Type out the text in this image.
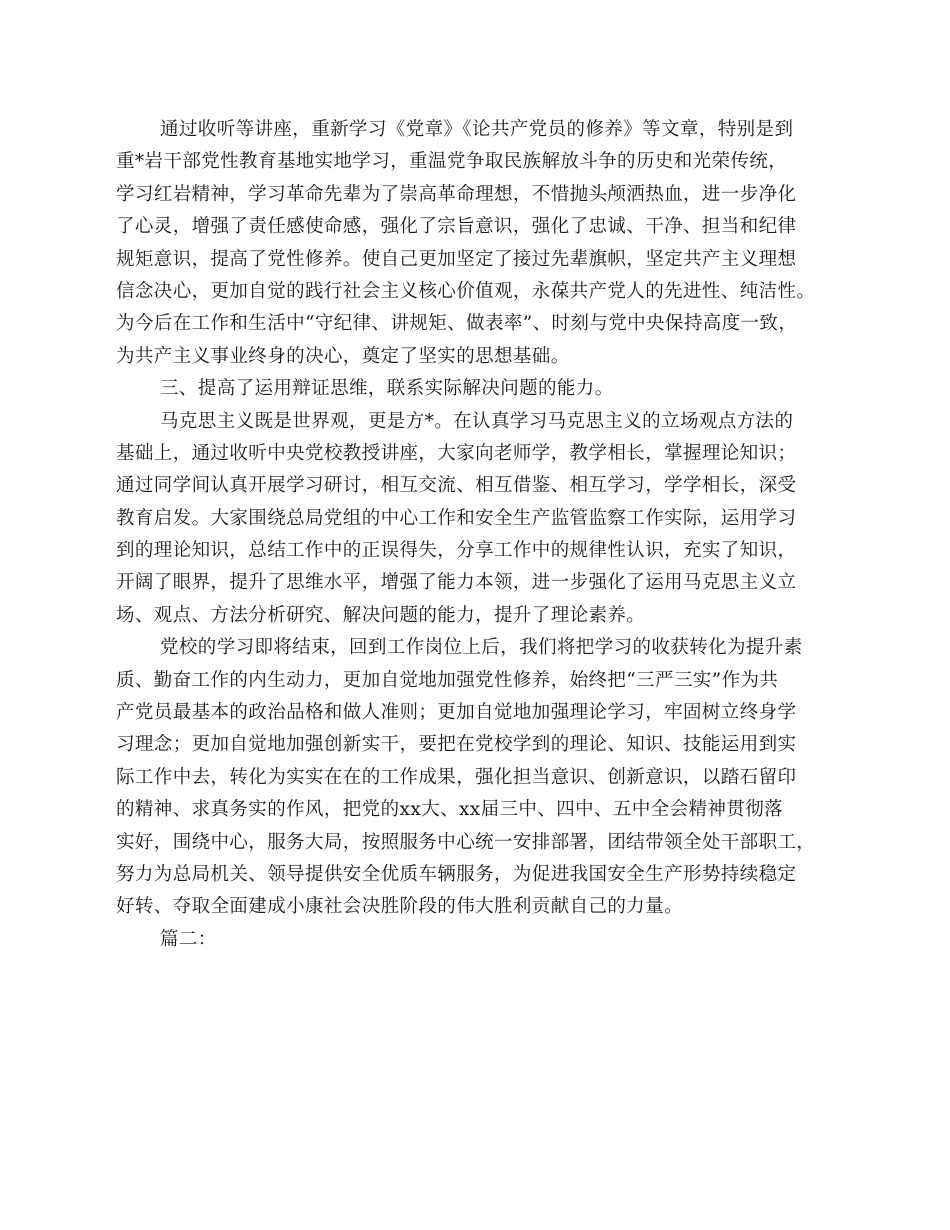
通过收听等讲座，重新学习《党章》《论共产党员的修养》等文章，特别是到
重*岩干部党性教育基地实地学习，重温党争取民族解放斗争的历史和光荣传统，
学习红岩精神，学习革命先辈为了崇高革命理想，不惜抛头颅洒热血，进一步净化
了心灵，增强了责任感使命感，强化了宗旨意识，强化了忠诚、干净、担当和纪律
规矩意识，提高了党性修养。使自己更加坚定了接过先辈旗帜，坚定共产主义理想
信念决心，更加自觉的践行社会主义核心价值观，永葆共产党人的先进性、纯洁性。
为今后在工作和生活中“守纪律、讲规矩、做表率”、时刻与党中央保持高度一致，
为共产主义事业终身的决心，奠定了坚实的思想基础。
三、提高了运用辩证思维，联系实际解决问题的能力。
马克思主义既是世界观，更是方*。在认真学习马克思主义的立场观点方法的
基础上，通过收听中央党校教授讲座，大家向老师学，教学相长，掌握理论知识；
通过同学间认真开展学习研讨，相互交流、相互借鉴、相互学习，学学相长，深受
教育启发。大家围绕总局党组的中心工作和安全生产监管监察工作实际，运用学习
到的理论知识，总结工作中的正误得失，分享工作中的规律性认识，充实了知识，
开阔了眼界，提升了思维水平，增强了能力本领，进一步强化了运用马克思主义立
场、观点、方法分析研究、解决问题的能力，提升了理论素养。
党校的学习即将结束，回到工作岗位上后，我们将把学习的收获转化为提升素
质、勤奋工作的内生动力，更加自觉地加强党性修养，始终把“三严三实”作为共
产党员最基本的政治品格和做人准则；更加自觉地加强理论学习，牢固树立终身学
习理念；更加自觉地加强创新实干，要把在党校学到的理论、知识、技能运用到实
际工作中去，转化为实实在在的工作成果，强化担当意识、创新意识，以踏石留印
的精神、求真务实的作风，把党的xx大、xx届三中、四中、五中全会精神贯彻落
实好，围绕中心，服务大局，按照服务中心统一安排部署，团结带领全处干部职工，
努力为总局机关、领导提供安全优质车辆服务，为促进我国安全生产形势持续稳定
好转、夺取全面建成小康社会决胜阶段的伟大胜利贡献自己的力量。
篇二：
